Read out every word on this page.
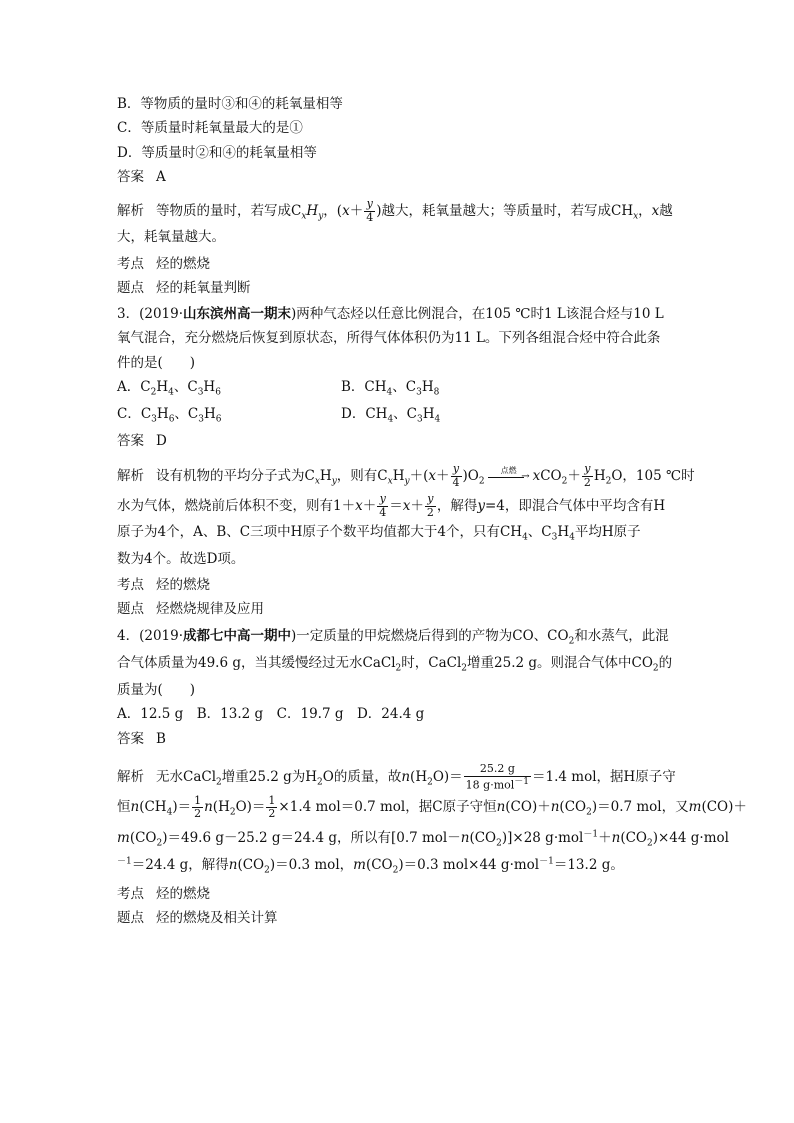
B．等物质的量时③和④的耗氧量相等
C．等质量时耗氧量最大的是①
D．等质量时②和④的耗氧量相等
答案 A
解析 等物质的量时，若写成$C_xH_y$，($x+ \frac{y}{4}$ )越大，耗氧量越大；等质量时，若写成$CH_x$，x越
大，耗氧量越大。
考点 烃的燃烧
题点 烃的耗氧量判断
3．(2019·山东滨州高一期末)两种气态烃以任意比例混合，在105 ℃时1 L该混合烃与10 L
氧气混合，充分燃烧后恢复到原状态，所得气体体积仍为11 L。下列各组混合烃中符合此条
件的是(　　)
A．$C_2H_4$、$C_3H_6$	B．$CH_4$、$C_3H_8$
C．$C_3H_6$、$C_3H_6$	D．$CH_4$、$C_3H_4$
答案 D
解析 设有机物的平均分子式为$C_xH_y$，则有$C_xH_y+(x+ \frac{y}{4} )O_2$
点燃
→ $xCO_2+ \frac{y}{2} H_2O$，105 ℃时
水为气体，燃烧前后体积不变，则有$1+x+ \frac{y}{4} =x+ \frac{y}{2}$ ，解得y=4，即混合气体中平均含有H
原子为4个，A、B、C三项中H原子个数平均值都大于4个，只有$CH_4$、$C_3H_4$平均H原子
数为4个。故选D项。
考点 烃的燃烧
题点 烃燃烧规律及应用
4．(2019·成都七中高一期中)一定质量的甲烷燃烧后得到的产物为CO、$CO_2$和水蒸气，此混
合气体质量为49.6 g，当其缓慢经过无水CaCl$_2$时，CaCl$_2$增重25.2 g。则混合气体中$CO_2$的
质量为(　　)
A．12.5 g　B．13.2 g　C．19.7 g　D．24.4 g
答案 B
解析 无水CaCl$_2$增重25.2 g为$H_2O$的质量，故$n(H_2O)= \frac{25.2 g}{18 g\cdot mol^{-1}} =1.4$ mol，据H原子守
恒$n(CH_4)= \frac{1}{2} n(H_2O)= \frac{1}{2} \times 1.4$ mol＝0.7 mol，据C原子守恒$n(CO)+n(CO_2)=0.7$ mol，又m(CO)＋
$m(CO_2)=49.6$ g－25.2 g＝24.4 g，所以有[0.7 $mol-n(CO_2)]\times 28$ $g\cdot mol^{-1}+n(CO_2)\times 44$ g·mol
$^{-1}$＝24.4 g，解得$n(CO_2)=0.3$ mol，$m(CO_2)=0.3$ mol×44 g·mol$^{-1}$＝13.2 g。
考点 烃的燃烧
题点 烃的燃烧及相关计算
